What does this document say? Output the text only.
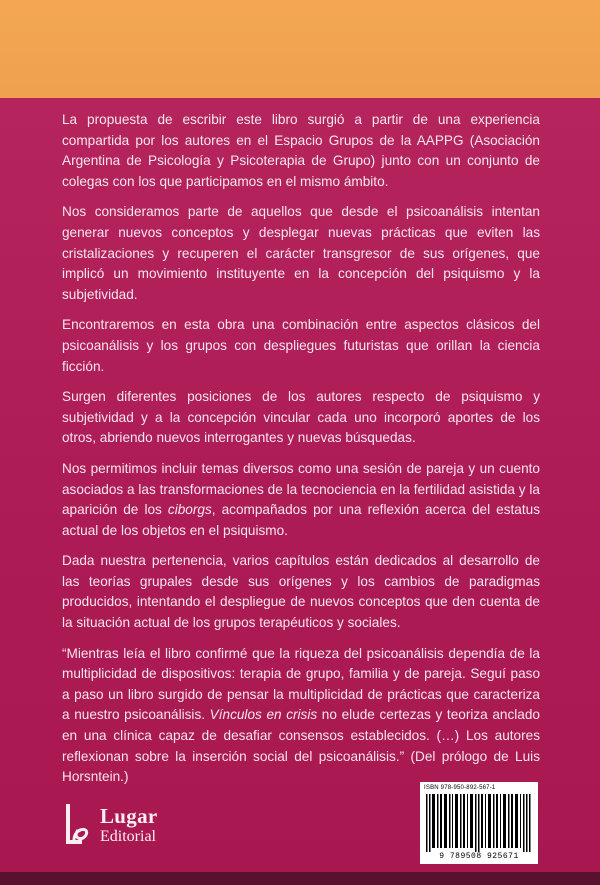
La propuesta de escribir este libro surgió a partir de una experiencia compartida por los autores en el Espacio Grupos de la AAPPG (Asociación Argentina de Psicología y Psicoterapia de Grupo) junto con un conjunto de colegas con los que participamos en el mismo ámbito.

Nos consideramos parte de aquellos que desde el psicoanálisis intentan generar nuevos conceptos y desplegar nuevas prácticas que eviten las cristalizaciones y recuperen el carácter transgresor de sus orígenes, que implicó un movimiento instituyente en la concepción del psiquismo y la subjetividad.

Encontraremos en esta obra una combinación entre aspectos clásicos del psicoanálisis y los grupos con despliegues futuristas que orillan la ciencia ficción.

Surgen diferentes posiciones de los autores respecto de psiquismo y subjetividad y a la concepción vincular cada uno incorporó aportes de los otros, abriendo nuevos interrogantes y nuevas búsquedas.

Nos permitimos incluir temas diversos como una sesión de pareja y un cuento asociados a las transformaciones de la tecnociencia en la fertilidad asistida y la aparición de los ciborgs, acompañados por una reflexión acerca del estatus actual de los objetos en el psiquismo.

Dada nuestra pertenencia, varios capítulos están dedicados al desarrollo de las teorías grupales desde sus orígenes y los cambios de paradigmas producidos, intentando el despliegue de nuevos conceptos que den cuenta de la situación actual de los grupos terapéuticos y sociales.

“Mientras leía el libro confirmé que la riqueza del psicoanálisis dependía de la multiplicidad de dispositivos: terapia de grupo, familia y de pareja. Seguí paso a paso un libro surgido de pensar la multiplicidad de prácticas que caracteriza a nuestro psicoanálisis. Vínculos en crisis no elude certezas y teoriza anclado en una clínica capaz de desafiar consensos establecidos. (…) Los autores reflexionan sobre la inserción social del psicoanálisis.” (Del prólogo de Luis Horsntein.)

Lugar
Editorial
ISBN 978-950-892-567-1
9 789508 925671
